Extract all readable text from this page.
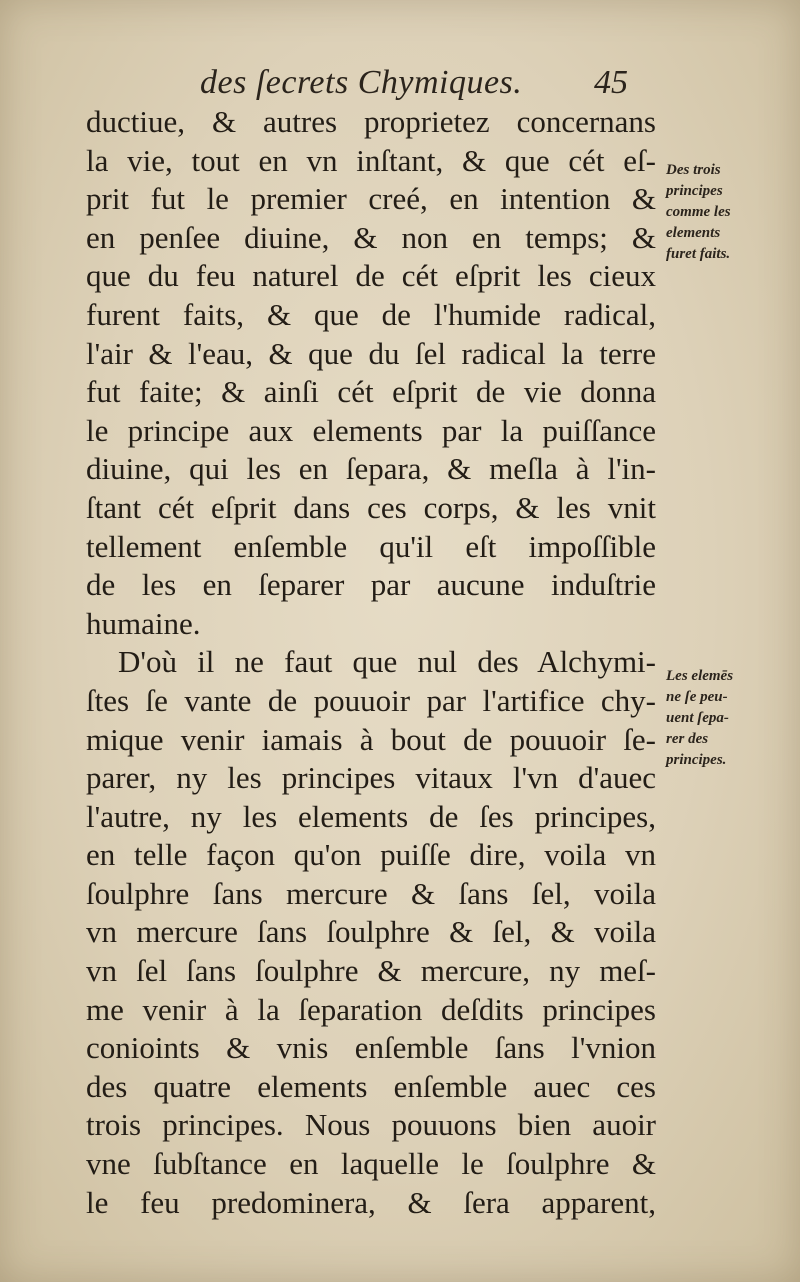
des ſecrets Chymiques. 45
ductiue, & autres proprietez concernans
la vie, tout en vn inſtant, & que cét eſ-
prit fut le premier creé, en intention &
en penſee diuine, & non en temps; &
que du feu naturel de cét eſprit les cieux
furent faits, & que de l'humide radical,
l'air & l'eau, & que du ſel radical la terre
fut faite; & ainſi cét eſprit de vie donna
le principe aux elements par la puiſſance
diuine, qui les en ſepara, & meſla à l'in-
ſtant cét eſprit dans ces corps, & les vnit
tellement enſemble qu'il eſt impoſſible
de les en ſeparer par aucune induſtrie
humaine.
D'où il ne faut que nul des Alchymi-
ſtes ſe vante de pouuoir par l'artifice chy-
mique venir iamais à bout de pouuoir ſe-
parer, ny les principes vitaux l'vn d'auec
l'autre, ny les elements de ſes principes,
en telle façon qu'on puiſſe dire, voila vn
ſoulphre ſans mercure & ſans ſel, voila
vn mercure ſans ſoulphre & ſel, & voila
vn ſel ſans ſoulphre & mercure, ny meſ-
me venir à la ſeparation deſdits principes
conioints & vnis enſemble ſans l'vnion
des quatre elements enſemble auec ces
trois principes. Nous pouuons bien auoir
vne ſubſtance en laquelle le ſoulphre &
le feu predominera, & ſera apparent,
Des trois
principes
comme les
elements
furet faits.
Les elemēs
ne ſe peu-
uent ſepa-
rer des
principes.
